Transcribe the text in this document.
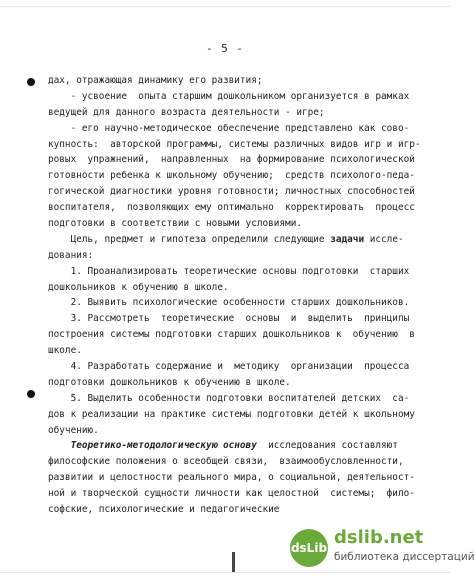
- 5 -
дах, отражающая динамику его развития;
- усвоение  опыта старшим дошкольником организуется в рамках
ведущей для данного возраста деятельности - игре;
- его научно-методическое обеспечение представлено как сово-
купность:  авторской программы, системы различных видов игр и игр-
ровых  упражнений,  направленных  на формирование психологической
готовности ребенка к школьному обучению;  средств психолого-педа-
гогической диагностики уровня готовности; личностных способностей
воспитателя,  позволяющих ему оптимально  корректировать  процесс
подготовки в соответствии с новыми условиями.
Цель, предмет и гипотеза определили следующие задачи иссле-
дования:
1. Проанализировать теоретические основы подготовки  старших
дошкольников к обучению в школе.
2. Выявить психологические особенности старших дошкольников.
3. Рассмотреть  теоретические  основы  и  выделить  принципы
построения системы подготовки старших дошкольников к  обучению  в
школе.
4. Разработать содержание и  методику  организации  процесса
подготовки дошкольников к обучению в школе.
5. Выделить особенности подготовки воспитателей детских  са-
дов к реализации на практике системы подготовки детей к школьному
обучению.
Теоретико-методологическую основу  исследования составляют
философские положения о всеобщей связи,  взаимообусловленности,
развитии и целостности реального мира, о социальной, деятельност-
ной и творческой сущности личности как целостной  системы;  фило-
софские, психологические и педагогические
dsLib dslib.net
библиотека диссертаций
